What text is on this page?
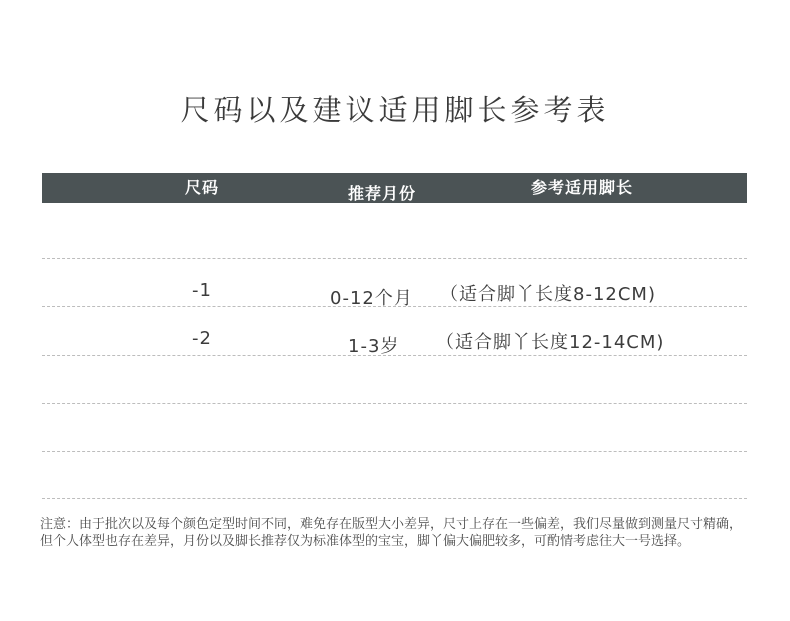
尺码以及建议适用脚长参考表
尺码	推荐月份	参考适用脚长
-1	0-12个月 （适合脚丫长度8-12CM)
-2	1-3岁 （适合脚丫长度12-14CM)
注意：由于批次以及每个颜色定型时间不同，难免存在版型大小差异，尺寸上存在一些偏差，我们尽量做到测量尺寸精确，但个人体型也存在差异，月份以及脚长推荐仅为标准体型的宝宝，脚丫偏大偏肥较多，可酌情考虑往大一号选择。
